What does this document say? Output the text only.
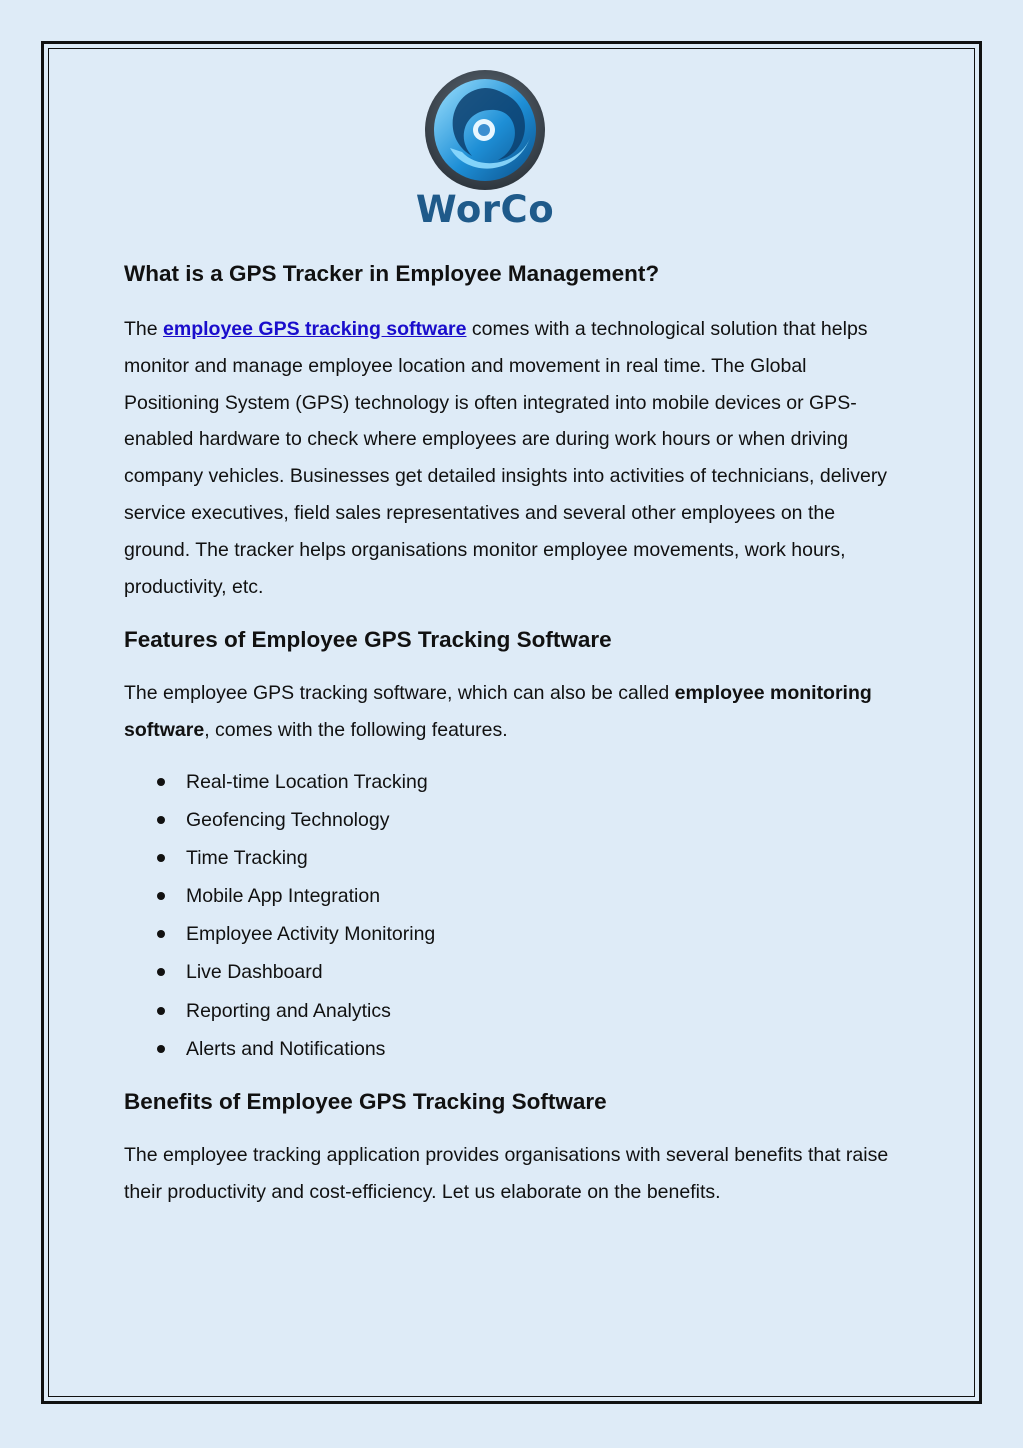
WorCo
What is a GPS Tracker in Employee Management?

The employee GPS tracking software comes with a technological solution that helps monitor and manage employee location and movement in real time. The Global Positioning System (GPS) technology is often integrated into mobile devices or GPS-enabled hardware to check where employees are during work hours or when driving company vehicles. Businesses get detailed insights into activities of technicians, delivery service executives, field sales representatives and several other employees on the ground. The tracker helps organisations monitor employee movements, work hours, productivity, etc.

Features of Employee GPS Tracking Software

The employee GPS tracking software, which can also be called employee monitoring software, comes with the following features.

Real-time Location Tracking
Geofencing Technology
Time Tracking
Mobile App Integration
Employee Activity Monitoring
Live Dashboard
Reporting and Analytics
Alerts and Notifications
Benefits of Employee GPS Tracking Software

The employee tracking application provides organisations with several benefits that raise their productivity and cost-efficiency. Let us elaborate on the benefits.
